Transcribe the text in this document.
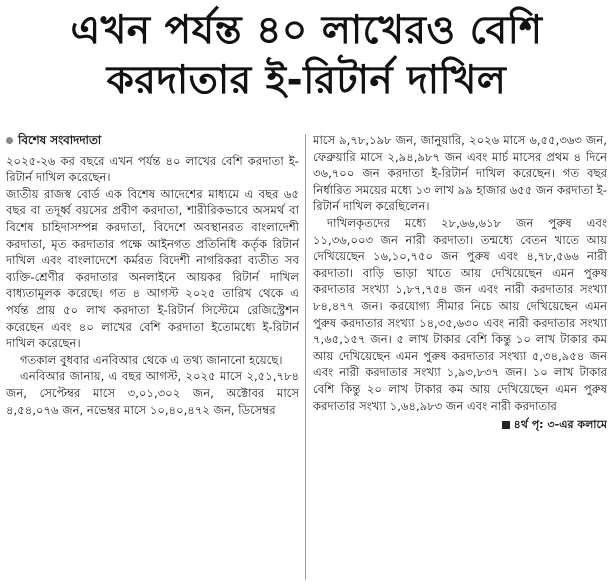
এখন পর্যন্ত ৪০ লাখেরও বেশি
করদাতার ই-রিটার্ন দাখিল
বিশেষ সংবাদদাতা

২০২৫-২৬ কর বছরে এখন পর্যন্ত ৪০ লাখের বেশি করদাতা ই-রিটার্ন দাখিল করেছেন।

জাতীয় রাজস্ব বোর্ড এক বিশেষ আদেশের মাধ্যমে এ বছর ৬৫ বছর বা তদূর্ধ্ব বয়সের প্রবীণ করদাতা, শারীরিকভাবে অসমর্থ বা বিশেষ চাহিদাসম্পন্ন করদাতা, বিদেশে অবস্থানরত বাংলাদেশী করদাতা, মৃত করদাতার পক্ষে আইনগত প্রতিনিধি কর্তৃক রিটার্ন দাখিল এবং বাংলাদেশে কর্মরত বিদেশী নাগরিকরা ব্যতীত সব ব্যক্তি-শ্রেণীর করদাতার অনলাইনে আয়কর রিটার্ন দাখিল বাধ্যতামূলক করেছে। গত ৪ আগস্ট ২০২৫ তারিখ থেকে এ পর্যন্ত প্রায় ৫০ লাখ করদাতা ই-রিটার্ন সিস্টেমে রেজিস্ট্রেশন করেছেন এবং ৪০ লাখের বেশি করদাতা ইতোমধ্যে ই-রিটার্ন দাখিল করেছেন।

গতকাল বুধবার এনবিআর থেকে এ তথ্য জানানো হয়েছে।

এনবিআর জানায়, এ বছর আগস্ট, ২০২৫ মাসে ২,৫১,৭৮৪ জন, সেপ্টেম্বর মাসে ৩,০১,৩০২ জন, অক্টোবর মাসে ৪,৫৪,০৭৬ জন, নভেম্বর মাসে ১০,৪০,৪৭২ জন, ডিসেম্বর

মাসে ৯,৭৮,১৯৮ জন, জানুয়ারি, ২০২৬ মাসে ৬,৫৫,৩৬৩ জন, ফেব্রুয়ারি মাসে ২,৯৪,৯৮৭ জন এবং মার্চ মাসের প্রথম ৪ দিনে ৩৬,৭০০ জন করদাতা ই-রিটার্ন দাখিল করেছেন। গত বছর নির্ধারিত সময়ের মধ্যে ১৩ লাখ ৯৯ হাজার ৬৫৫ জন করদাতা ই-রিটার্ন দাখিল করেছিলেন।

দাখিলকৃতদের মধ্যে ২৮,৬৬,৬১৮ জন পুরুষ এবং ১১,৩৬,০০৩ জন নারী করদাতা। তন্মধ্যে বেতন খাতে আয় দেখিয়েছেন ১৬,১০,৭৫০ জন পুরুষ এবং ৪,৭৮,৫৬৬ নারী করদাতা। বাড়ি ভাড়া খাতে আয় দেখিয়েছেন এমন পুরুষ করদাতার সংখ্যা ১,৮৭,৭৫৪ জন এবং নারী করদাতার সংখ্যা ৮৪,৪৭৭ জন। করযোগ্য সীমার নিচে আয় দেখিয়েছেন এমন পুরুষ করদাতার সংখ্যা ১৪,৩৫,৬৩০ এবং নারী করদাতার সংখ্যা ৭,৬৫,১৫৭ জন। ৫ লাখ টাকার বেশি কিন্তু ১০ লাখ টাকার কম আয় দেখিয়েছেন এমন পুরুষ করদাতার সংখ্যা ৫,৩৪,৯৫৪ জন এবং নারী করদাতার সংখ্যা ১,৯৩,৮৩৭ জন। ১০ লাখ টাকার বেশি কিন্তু ২০ লাখ টাকার কম আয় দেখিয়েছেন এমন পুরুষ করদাতার সংখ্যা ১,৬৪,৯৮৩ জন এবং নারী করদাতার

৪র্থ পৃ: ৩-এর কলামে
